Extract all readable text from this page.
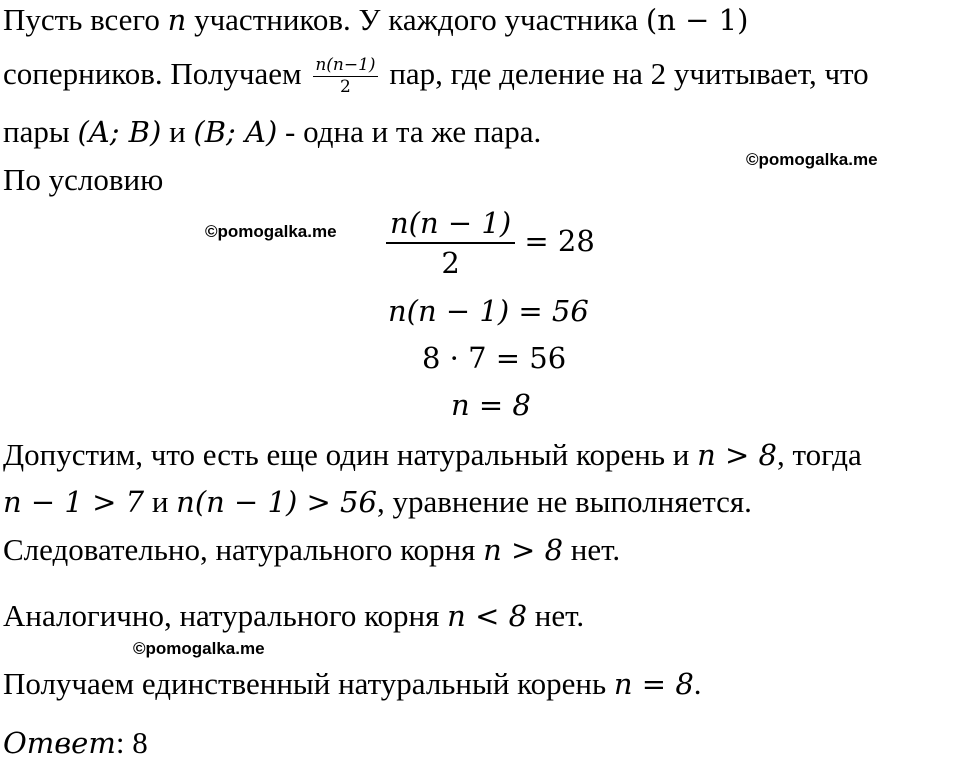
Пусть всего n участников. У каждого участника (n − 1)
соперников. Получаем $\frac{n(n-1)}{2}$ пар, где деление на 2 учитывает, что
пары (A; B) и (B; A) - одна и та же пара.
©pomogalka.me
По условию
©pomogalka.me $\frac{n(n - 1)}{2} = 28$
n(n − 1) = 56
8 · 7 = 56
n = 8
Допустим, что есть еще один натуральный корень и n > 8, тогда
n − 1 > 7 и n(n − 1) > 56, уравнение не выполняется.
Следовательно, натурального корня n > 8 нет.
Аналогично, натурального корня n < 8 нет.
©pomogalka.me
Получаем единственный натуральный корень n = 8.
Ответ: 8
